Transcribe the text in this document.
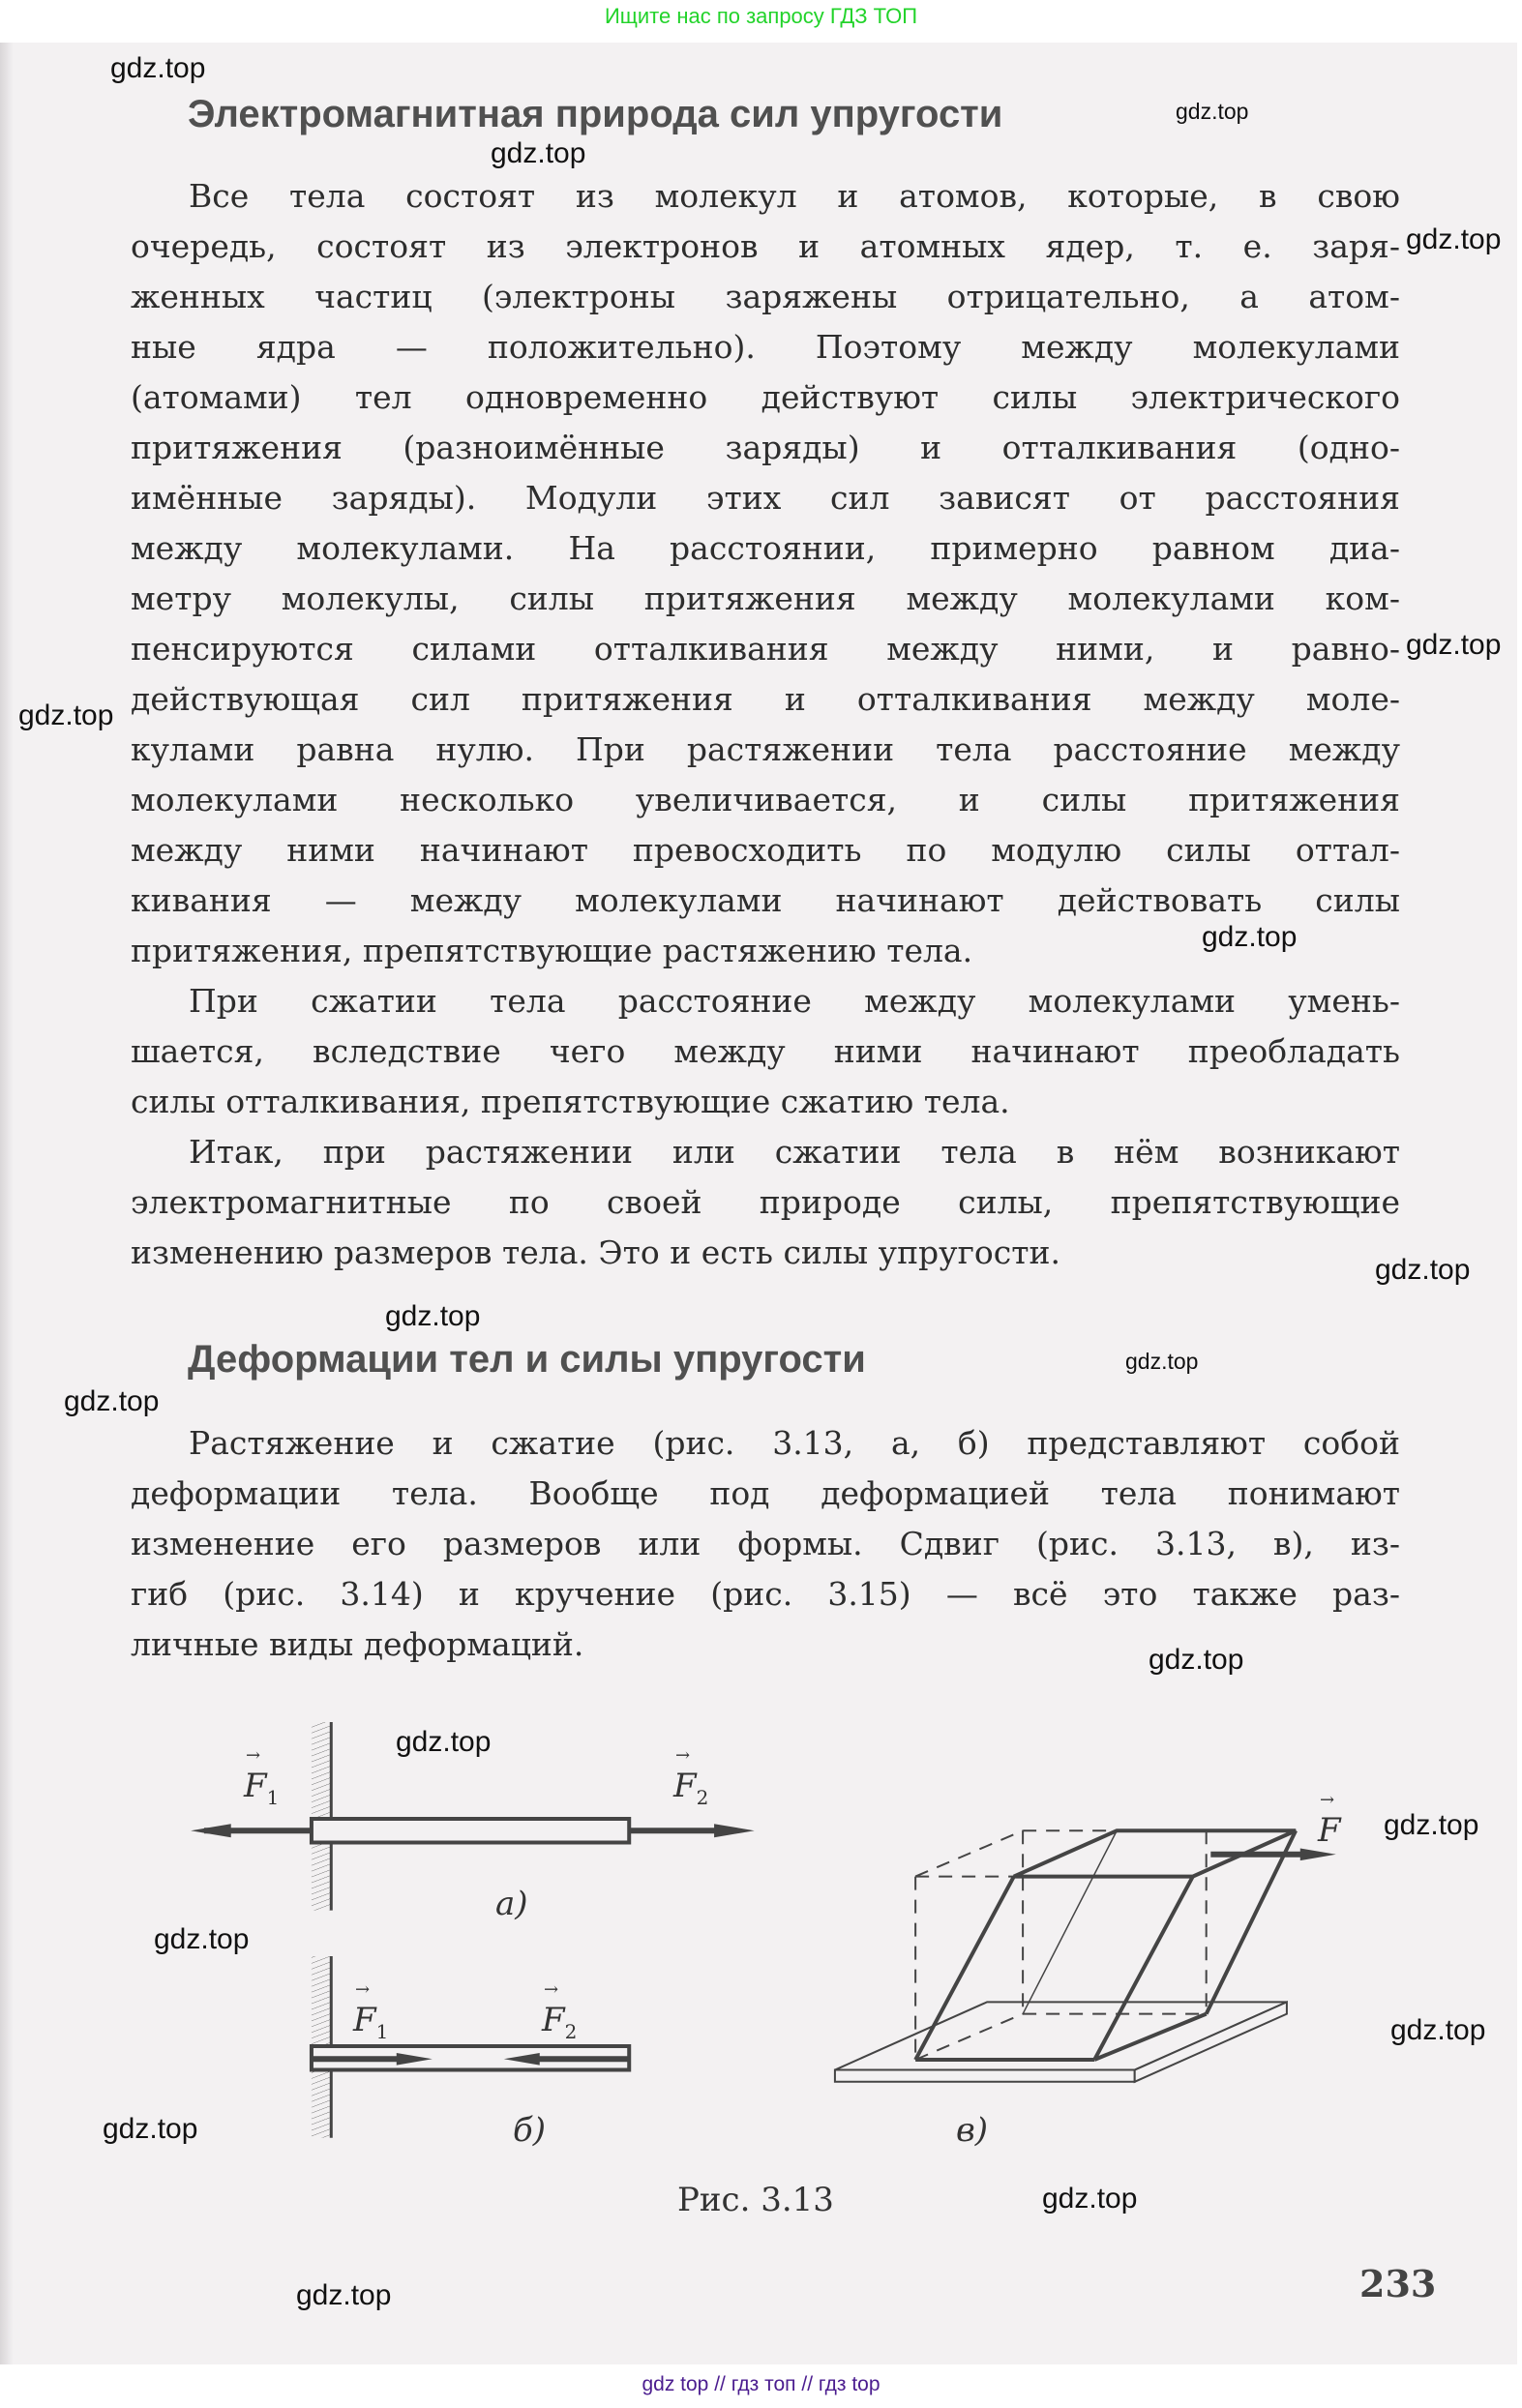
Ищите нас по запросу ГДЗ ТОП
Электромагнитная природа сил упругости
Все тела состоят из молекул и атомов, которые, в свою
очередь, состоят из электронов и атомных ядер, т. е. заря-
женных частиц (электроны заряжены отрицательно, а атом-
ные ядра — положительно). Поэтому между молекулами
(атомами) тел одновременно действуют силы электрического
притяжения (разноимённые заряды) и отталкивания (одно-
имённые заряды). Модули этих сил зависят от расстояния
между молекулами. На расстоянии, примерно равном диа-
метру молекулы, силы притяжения между молекулами ком-
пенсируются силами отталкивания между ними, и равно-
действующая сил притяжения и отталкивания между моле-
кулами равна нулю. При растяжении тела расстояние между
молекулами несколько увеличивается, и силы притяжения
между ними начинают превосходить по модулю силы оттал-
кивания — между молекулами начинают действовать силы
притяжения, препятствующие растяжению тела.
При сжатии тела расстояние между молекулами умень-
шается, вследствие чего между ними начинают преобладать
силы отталкивания, препятствующие сжатию тела.
Итак, при растяжении или сжатии тела в нём возникают
электромагнитные по своей природе силы, препятствующие
изменению размеров тела. Это и есть силы упругости.
Деформации тел и силы упругости
Растяжение и сжатие (рис. 3.13, а, б) представляют собой
деформации тела. Вообще под деформацией тела понимают
изменение его размеров или формы. Сдвиг (рис. 3.13, в), из-
гиб (рис. 3.14) и кручение (рис. 3.15) — всё это также раз-
личные виды деформаций.
→ $F_1$	→ $F_2$
а)
→ $F_1$	→ $F_2$
б)
→ F
в)
Рис. 3.13
233
gdz.top
gdz.top
gdz.top
gdz.top
gdz.top
gdz.top
gdz.top
gdz.top
gdz.top
gdz.top
gdz.top
gdz.top
gdz.top
gdz.top
gdz.top
gdz.top
gdz.top
gdz.top
gdz.top
gdz top // гдз топ // гдз top
